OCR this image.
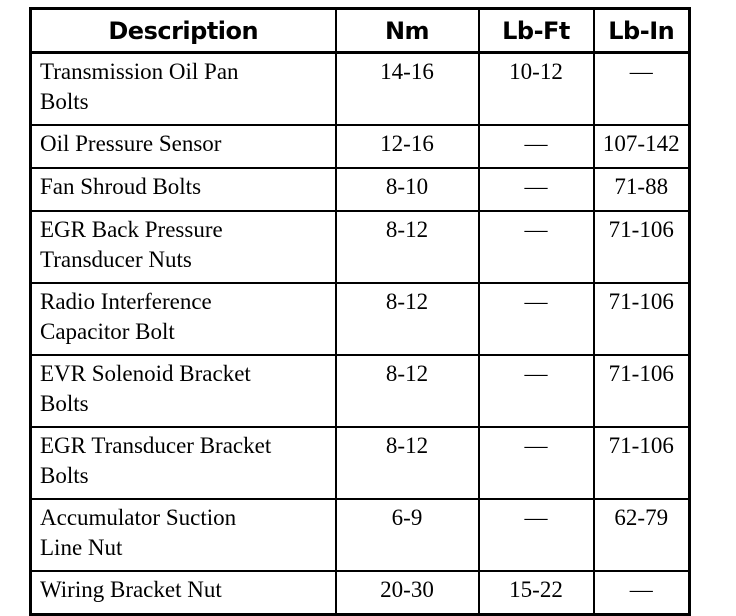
Description	Nm	Lb-Ft	Lb-In

Transmission Oil Pan
Bolts	14-16	10-12	—

Oil Pressure Sensor	12-16	—	107-142

Fan Shroud Bolts	8-10	—	71-88

EGR Back Pressure
Transducer Nuts	8-12	—	71-106

Radio Interference
Capacitor Bolt	8-12	—	71-106

EVR Solenoid Bracket
Bolts	8-12	—	71-106

EGR Transducer Bracket
Bolts	8-12	—	71-106

Accumulator Suction
Line Nut	6-9	—	62-79

Wiring Bracket Nut	20-30	15-22	—
